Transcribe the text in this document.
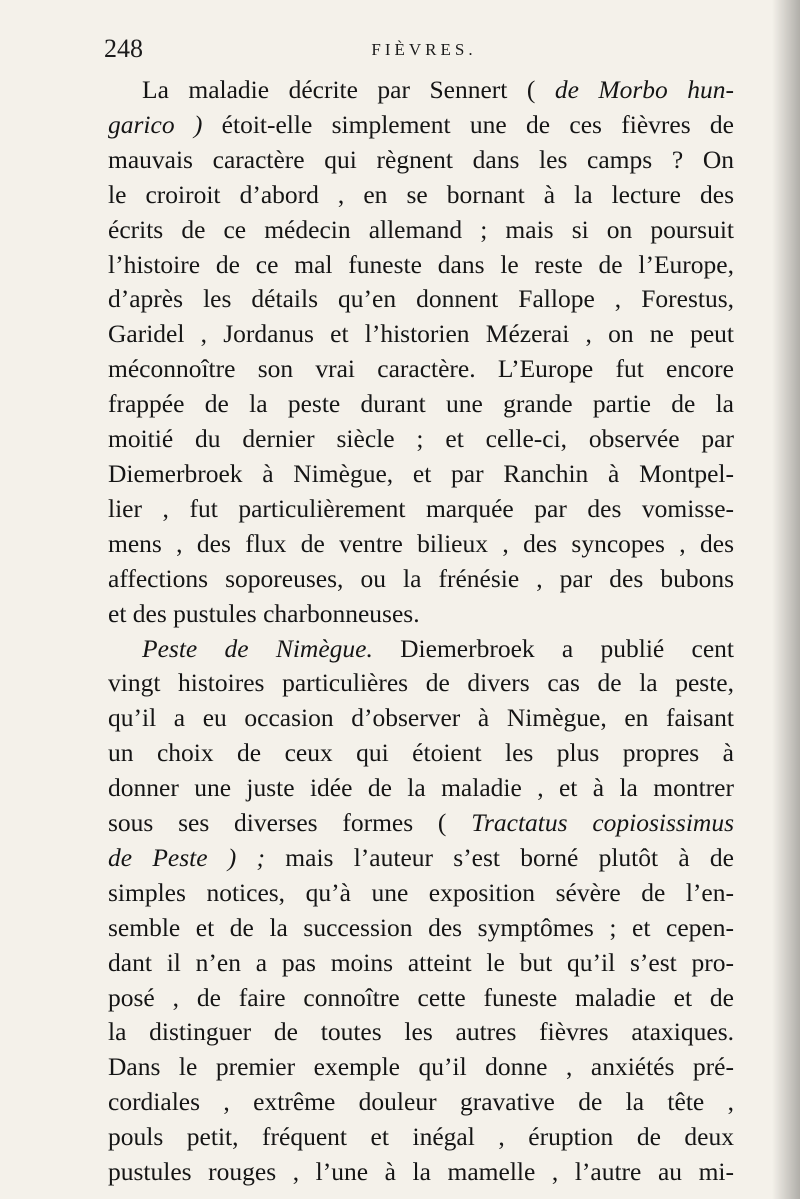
248	FIÈVRES.
La maladie décrite par Sennert ( de Morbo hun-
garico ) étoit-elle simplement une de ces fièvres de
mauvais caractère qui règnent dans les camps ? On
le croiroit d’abord , en se bornant à la lecture des
écrits de ce médecin allemand ; mais si on poursuit
l’histoire de ce mal funeste dans le reste de l’Europe,
d’après les détails qu’en donnent Fallope , Forestus,
Garidel , Jordanus et l’historien Mézerai , on ne peut
méconnoître son vrai caractère. L’Europe fut encore
frappée de la peste durant une grande partie de la
moitié du dernier siècle ; et celle-ci, observée par
Diemerbroek à Nimègue, et par Ranchin à Montpel-
lier , fut particulièrement marquée par des vomisse-
mens , des flux de ventre bilieux , des syncopes , des
affections soporeuses, ou la frénésie , par des bubons
et des pustules charbonneuses.
Peste de Nimègue. Diemerbroek a publié cent
vingt histoires particulières de divers cas de la peste,
qu’il a eu occasion d’observer à Nimègue, en faisant
un choix de ceux qui étoient les plus propres à
donner une juste idée de la maladie , et à la montrer
sous ses diverses formes ( Tractatus copiosissimus
de Peste ) ; mais l’auteur s’est borné plutôt à de
simples notices, qu’à une exposition sévère de l’en-
semble et de la succession des symptômes ; et cepen-
dant il n’en a pas moins atteint le but qu’il s’est pro-
posé , de faire connoître cette funeste maladie et de
la distinguer de toutes les autres fièvres ataxiques.
Dans le premier exemple qu’il donne , anxiétés pré-
cordiales , extrême douleur gravative de la tête ,
pouls petit, fréquent et inégal , éruption de deux
pustules rouges , l’une à la mamelle , l’autre au mi-
